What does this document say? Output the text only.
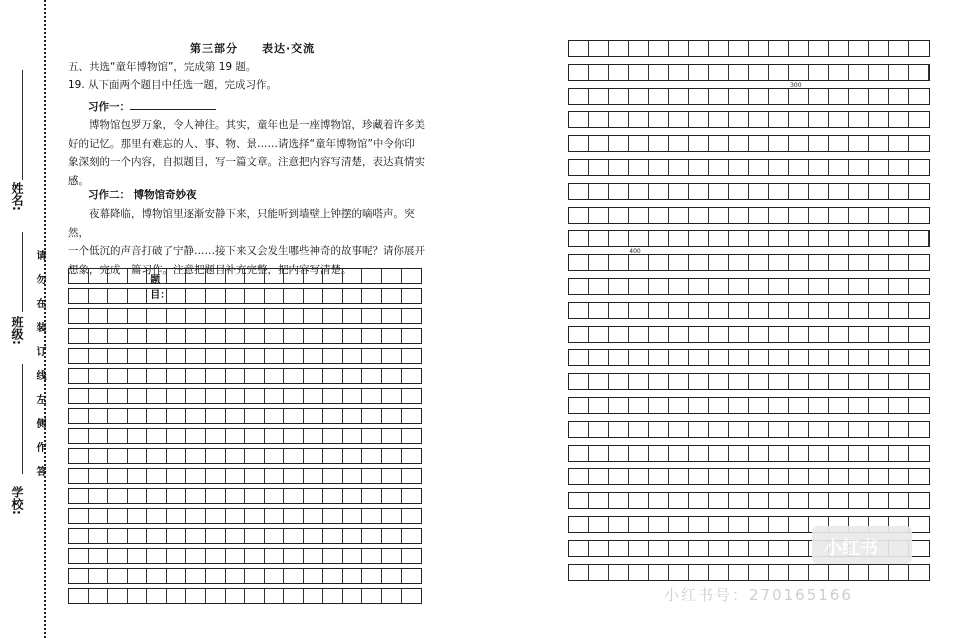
姓名:
班级:
学校:
请勿在装订线左侧作答
第三部分　　表达·交流
五、共选“童年博物馆”，完成第 19 题。
19. 从下面两个题目中任选一题，完成习作。
习作一：
博物馆包罗万象，令人神往。其实，童年也是一座博物馆，珍藏着许多美
好的记忆。那里有难忘的人、事、物、景……请选择“童年博物馆”中令你印
象深刻的一个内容，自拟题目，写一篇文章。注意把内容写清楚，表达真情实
感。
习作二： 博物馆奇妙夜
夜幕降临，博物馆里逐渐安静下来，只能听到墙壁上钟摆的嘀嗒声。突然，
一个低沉的声音打破了宁静……接下来又会发生哪些神奇的故事呢？请你展开
想象，完成一篇习作。注意把题目补充完整，把内容写清楚。
题　目：
300
400
小红书
小红书号：270165166
